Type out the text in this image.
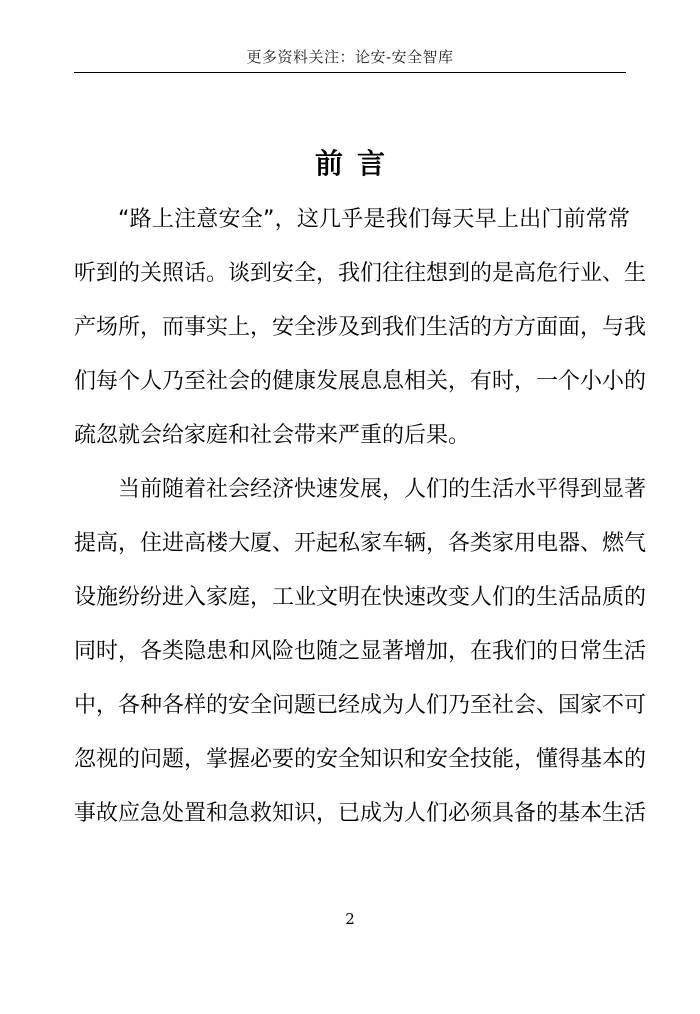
更多资料关注：论安-安全智库
前言
“路上注意安全”，这几乎是我们每天早上出门前常常
听到的关照话。谈到安全，我们往往想到的是高危行业、生
产场所，而事实上，安全涉及到我们生活的方方面面，与我
们每个人乃至社会的健康发展息息相关，有时，一个小小的
疏忽就会给家庭和社会带来严重的后果。
当前随着社会经济快速发展，人们的生活水平得到显著
提高，住进高楼大厦、开起私家车辆，各类家用电器、燃气
设施纷纷进入家庭，工业文明在快速改变人们的生活品质的
同时，各类隐患和风险也随之显著增加，在我们的日常生活
中，各种各样的安全问题已经成为人们乃至社会、国家不可
忽视的问题，掌握必要的安全知识和安全技能，懂得基本的
事故应急处置和急救知识，已成为人们必须具备的基本生活
2
